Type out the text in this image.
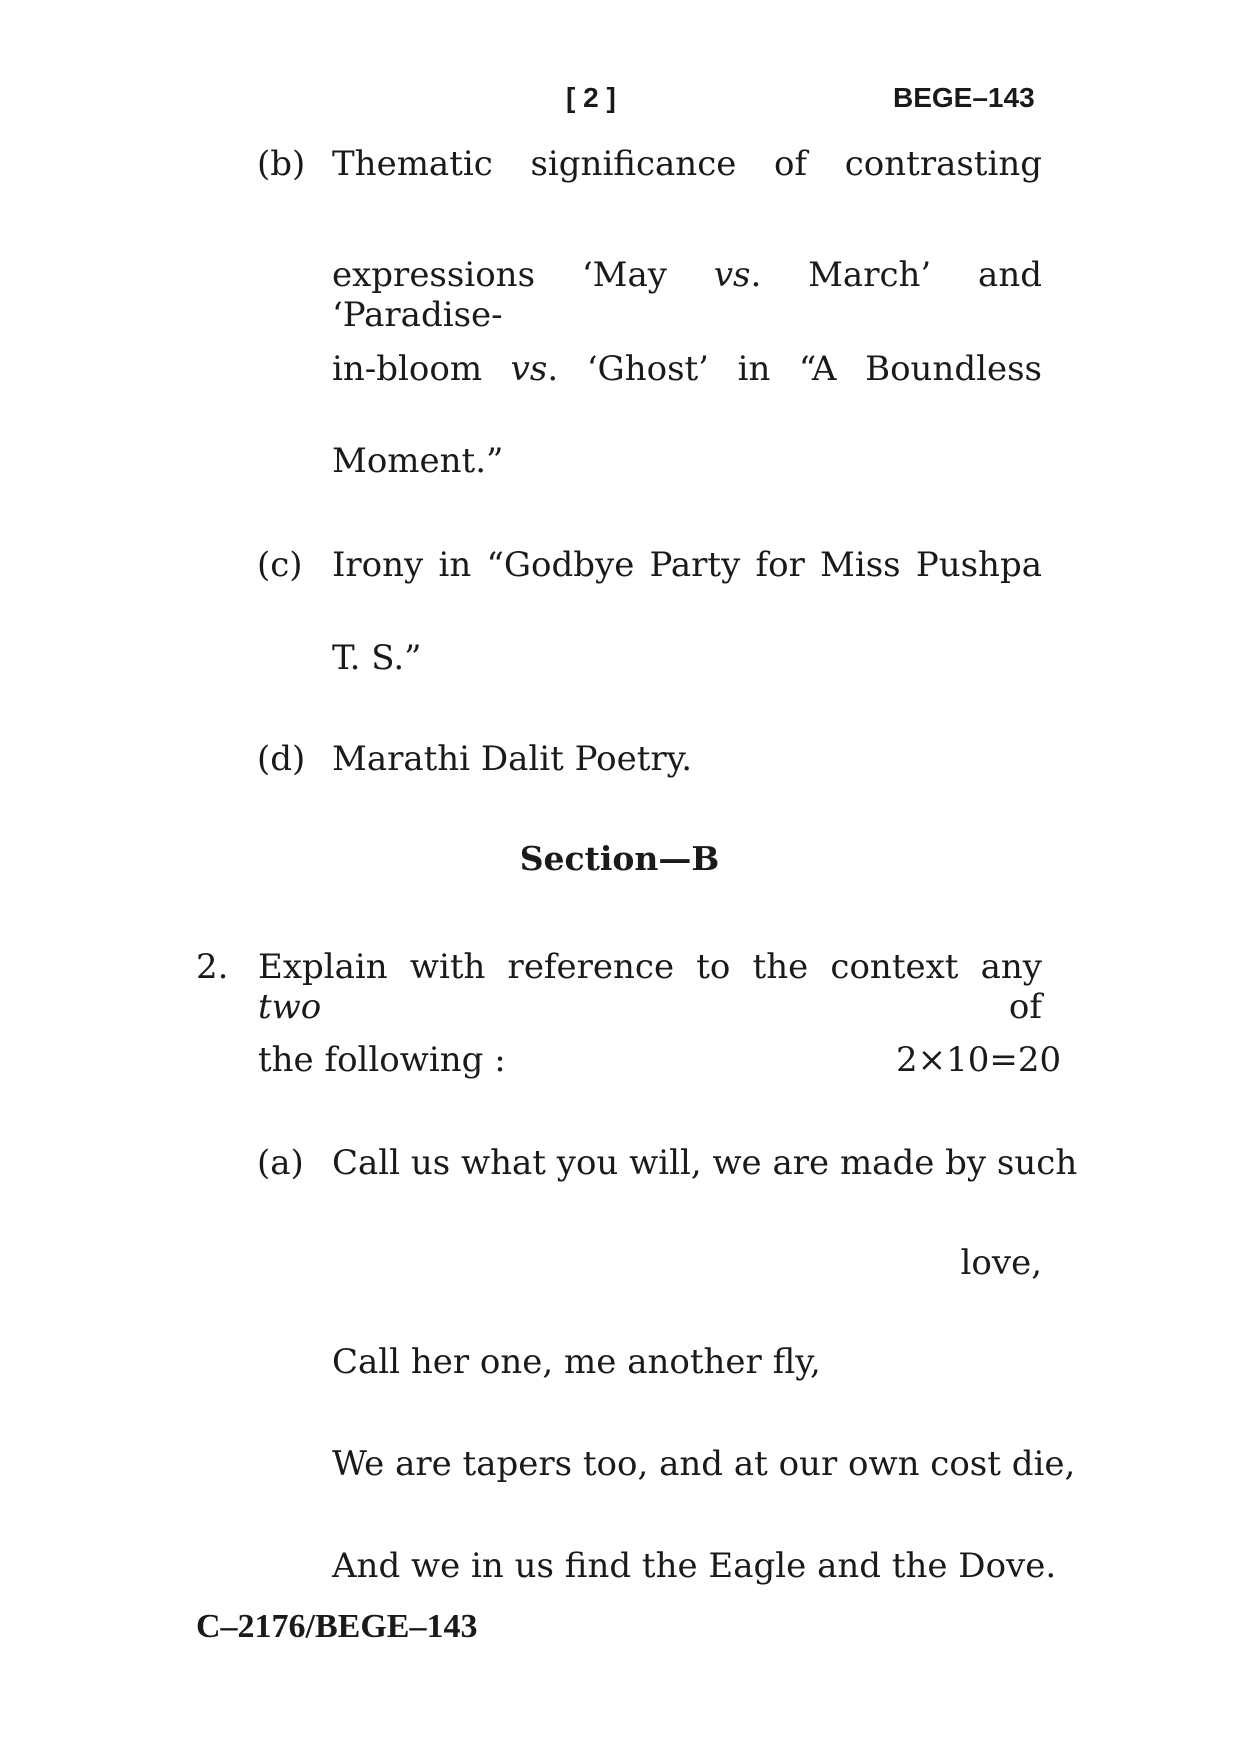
[ 2 ]	BEGE–143
(b) Thematic significance of contrasting
expressions ‘May vs. March’ and ‘Paradise-
in-bloom vs. ‘Ghost’ in “A Boundless
Moment.”
(c) Irony in “Godbye Party for Miss Pushpa
T. S.”
(d) Marathi Dalit Poetry.
Section—B
2. Explain with reference to the context any two of
the following :	2×10=20
(a) Call us what you will, we are made by such
love,
Call her one, me another fly,
We are tapers too, and at our own cost die,
And we in us find the Eagle and the Dove.
C–2176/BEGE–143
